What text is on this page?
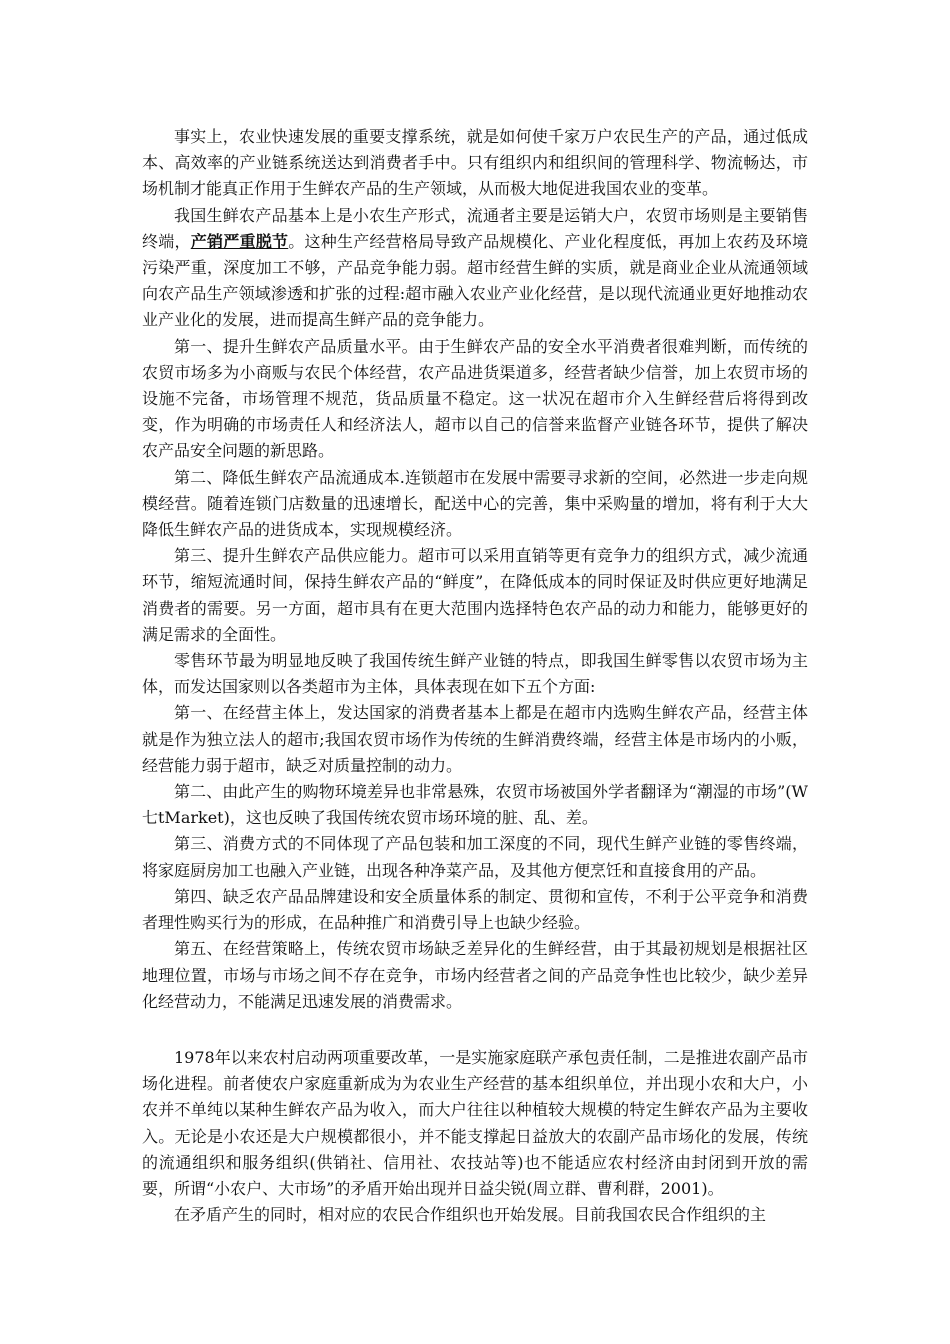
事实上，农业快速发展的重要支撑系统，就是如何使千家万户农民生产的产品，通过低成本、高效率的产业链系统送达到消费者手中。只有组织内和组织间的管理科学、物流畅达，市场机制才能真正作用于生鲜农产品的生产领域，从而极大地促进我国农业的变革。

我国生鲜农产品基本上是小农生产形式，流通者主要是运销大户，农贸市场则是主要销售终端，产销严重脱节。这种生产经营格局导致产品规模化、产业化程度低，再加上农药及环境污染严重，深度加工不够，产品竞争能力弱。超市经营生鲜的实质，就是商业企业从流通领域向农产品生产领域渗透和扩张的过程:超市融入农业产业化经营，是以现代流通业更好地推动农业产业化的发展，进而提高生鲜产品的竞争能力。

第一、提升生鲜农产品质量水平。由于生鲜农产品的安全水平消费者很难判断，而传统的农贸市场多为小商贩与农民个体经营，农产品进货渠道多，经营者缺少信誉，加上农贸市场的设施不完备，市场管理不规范，货品质量不稳定。这一状况在超市介入生鲜经营后将得到改变，作为明确的市场责任人和经济法人，超市以自己的信誉来监督产业链各环节，提供了解决农产品安全问题的新思路。

第二、降低生鲜农产品流通成本.连锁超市在发展中需要寻求新的空间，必然进一步走向规模经营。随着连锁门店数量的迅速增长，配送中心的完善，集中采购量的增加，将有利于大大降低生鲜农产品的进货成本，实现规模经济。

第三、提升生鲜农产品供应能力。超市可以采用直销等更有竞争力的组织方式，减少流通环节，缩短流通时间，保持生鲜农产品的“鲜度”，在降低成本的同时保证及时供应更好地满足消费者的需要。另一方面，超市具有在更大范围内选择特色农产品的动力和能力，能够更好的满足需求的全面性。

零售环节最为明显地反映了我国传统生鲜产业链的特点，即我国生鲜零售以农贸市场为主体，而发达国家则以各类超市为主体，具体表现在如下五个方面:

第一、在经营主体上，发达国家的消费者基本上都是在超市内选购生鲜农产品，经营主体就是作为独立法人的超市;我国农贸市场作为传统的生鲜消费终端，经营主体是市场内的小贩，经营能力弱于超市，缺乏对质量控制的动力。

第二、由此产生的购物环境差异也非常悬殊，农贸市场被国外学者翻译为“潮湿的市场”(W七tMarket)，这也反映了我国传统农贸市场环境的脏、乱、差。

第三、消费方式的不同体现了产品包装和加工深度的不同，现代生鲜产业链的零售终端，将家庭厨房加工也融入产业链，出现各种净菜产品，及其他方便烹饪和直接食用的产品。

第四、缺乏农产品品牌建设和安全质量体系的制定、贯彻和宣传，不利于公平竞争和消费者理性购买行为的形成，在品种推广和消费引导上也缺少经验。

第五、在经营策略上，传统农贸市场缺乏差异化的生鲜经营，由于其最初规划是根据社区地理位置，市场与市场之间不存在竞争，市场内经营者之间的产品竞争性也比较少，缺少差异化经营动力，不能满足迅速发展的消费需求。

1978年以来农村启动两项重要改革，一是实施家庭联产承包责任制，二是推进农副产品市场化进程。前者使农户家庭重新成为为农业生产经营的基本组织单位，并出现小农和大户，小农并不单纯以某种生鲜农产品为收入，而大户往往以种植较大规模的特定生鲜农产品为主要收入。无论是小农还是大户规模都很小，并不能支撑起日益放大的农副产品市场化的发展，传统的流通组织和服务组织(供销社、信用社、农技站等)也不能适应农村经济由封闭到开放的需要，所谓“小农户、大市场”的矛盾开始出现并日益尖锐(周立群、曹利群，2001)。

在矛盾产生的同时，相对应的农民合作组织也开始发展。目前我国农民合作组织的主
